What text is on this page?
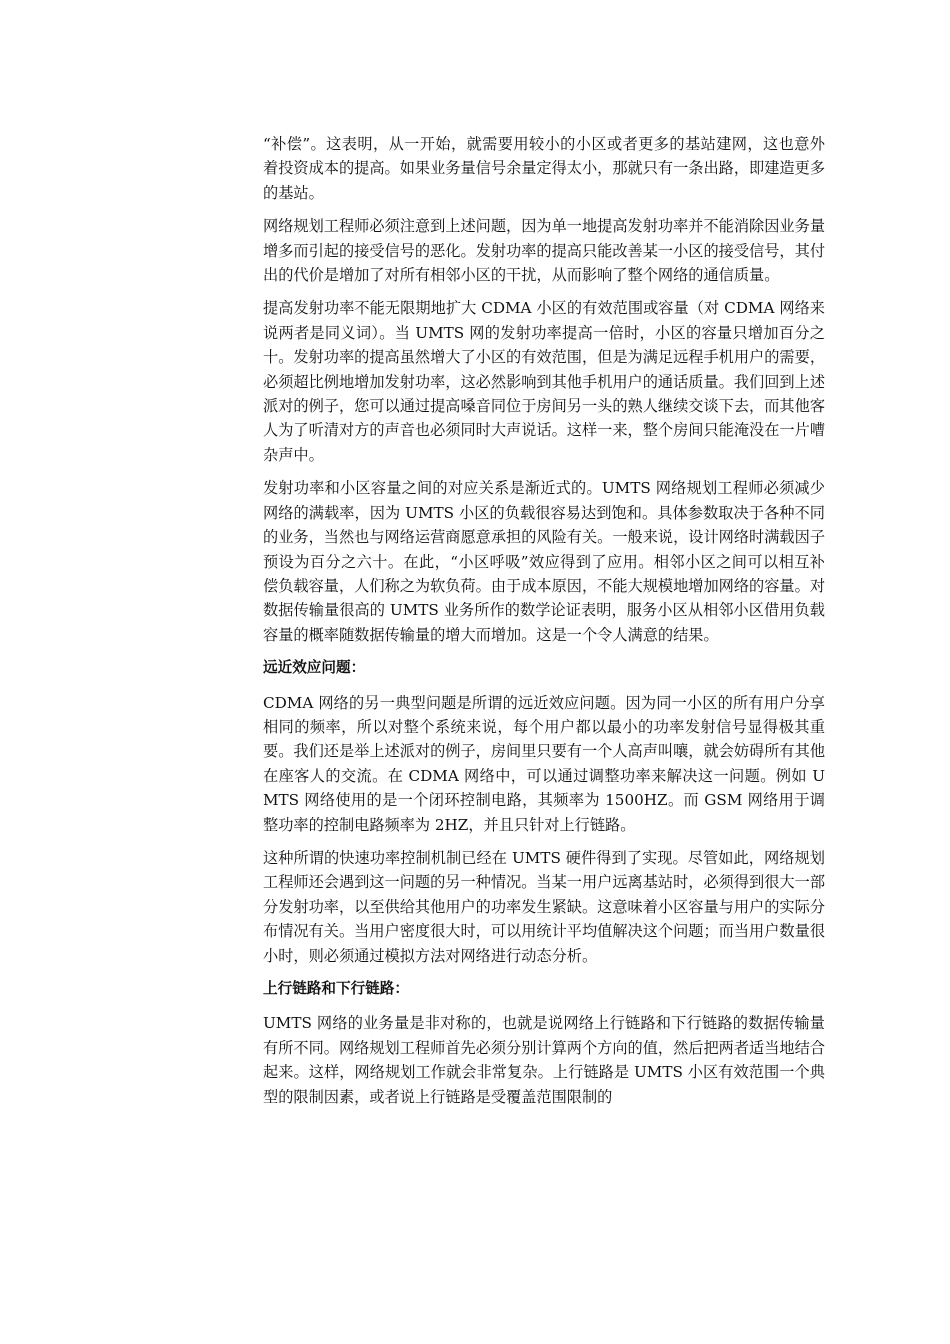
“补偿”。这表明，从一开始，就需要用较小的小区或者更多的基站建网，这也意外着投资成本的提高。如果业务量信号余量定得太小，那就只有一条出路，即建造更多的基站。

网络规划工程师必须注意到上述问题，因为单一地提高发射功率并不能消除因业务量增多而引起的接受信号的恶化。发射功率的提高只能改善某一小区的接受信号，其付出的代价是增加了对所有相邻小区的干扰，从而影响了整个网络的通信质量。

提高发射功率不能无限期地扩大 CDMA 小区的有效范围或容量（对 CDMA 网络来说两者是同义词）。当 UMTS 网的发射功率提高一倍时，小区的容量只增加百分之十。发射功率的提高虽然增大了小区的有效范围，但是为满足远程手机用户的需要，必须超比例地增加发射功率，这必然影响到其他手机用户的通话质量。我们回到上述派对的例子，您可以通过提高嗓音同位于房间另一头的熟人继续交谈下去，而其他客人为了听清对方的声音也必须同时大声说话。这样一来，整个房间只能淹没在一片嘈杂声中。

发射功率和小区容量之间的对应关系是渐近式的。UMTS 网络规划工程师必须减少网络的满载率，因为 UMTS 小区的负载很容易达到饱和。具体参数取决于各种不同的业务，当然也与网络运营商愿意承担的风险有关。一般来说，设计网络时满载因子预设为百分之六十。在此，“小区呼吸”效应得到了应用。相邻小区之间可以相互补偿负载容量，人们称之为软负荷。由于成本原因，不能大规模地增加网络的容量。对数据传输量很高的 UMTS 业务所作的数学论证表明，服务小区从相邻小区借用负载容量的概率随数据传输量的增大而增加。这是一个令人满意的结果。

远近效应问题：

CDMA 网络的另一典型问题是所谓的远近效应问题。因为同一小区的所有用户分享相同的频率，所以对整个系统来说，每个用户都以最小的功率发射信号显得极其重要。我们还是举上述派对的例子，房间里只要有一个人高声叫嚷，就会妨碍所有其他在座客人的交流。在 CDMA 网络中，可以通过调整功率来解决这一问题。例如 UMTS 网络使用的是一个闭环控制电路，其频率为 1500HZ。而 GSM 网络用于调整功率的控制电路频率为 2HZ，并且只针对上行链路。

这种所谓的快速功率控制机制已经在 UMTS 硬件得到了实现。尽管如此，网络规划工程师还会遇到这一问题的另一种情况。当某一用户远离基站时，必须得到很大一部分发射功率，以至供给其他用户的功率发生紧缺。这意味着小区容量与用户的实际分布情况有关。当用户密度很大时，可以用统计平均值解决这个问题；而当用户数量很小时，则必须通过模拟方法对网络进行动态分析。

上行链路和下行链路：

UMTS 网络的业务量是非对称的，也就是说网络上行链路和下行链路的数据传输量有所不同。网络规划工程师首先必须分别计算两个方向的值，然后把两者适当地结合起来。这样，网络规划工作就会非常复杂。上行链路是 UMTS 小区有效范围一个典型的限制因素，或者说上行链路是受覆盖范围限制的
